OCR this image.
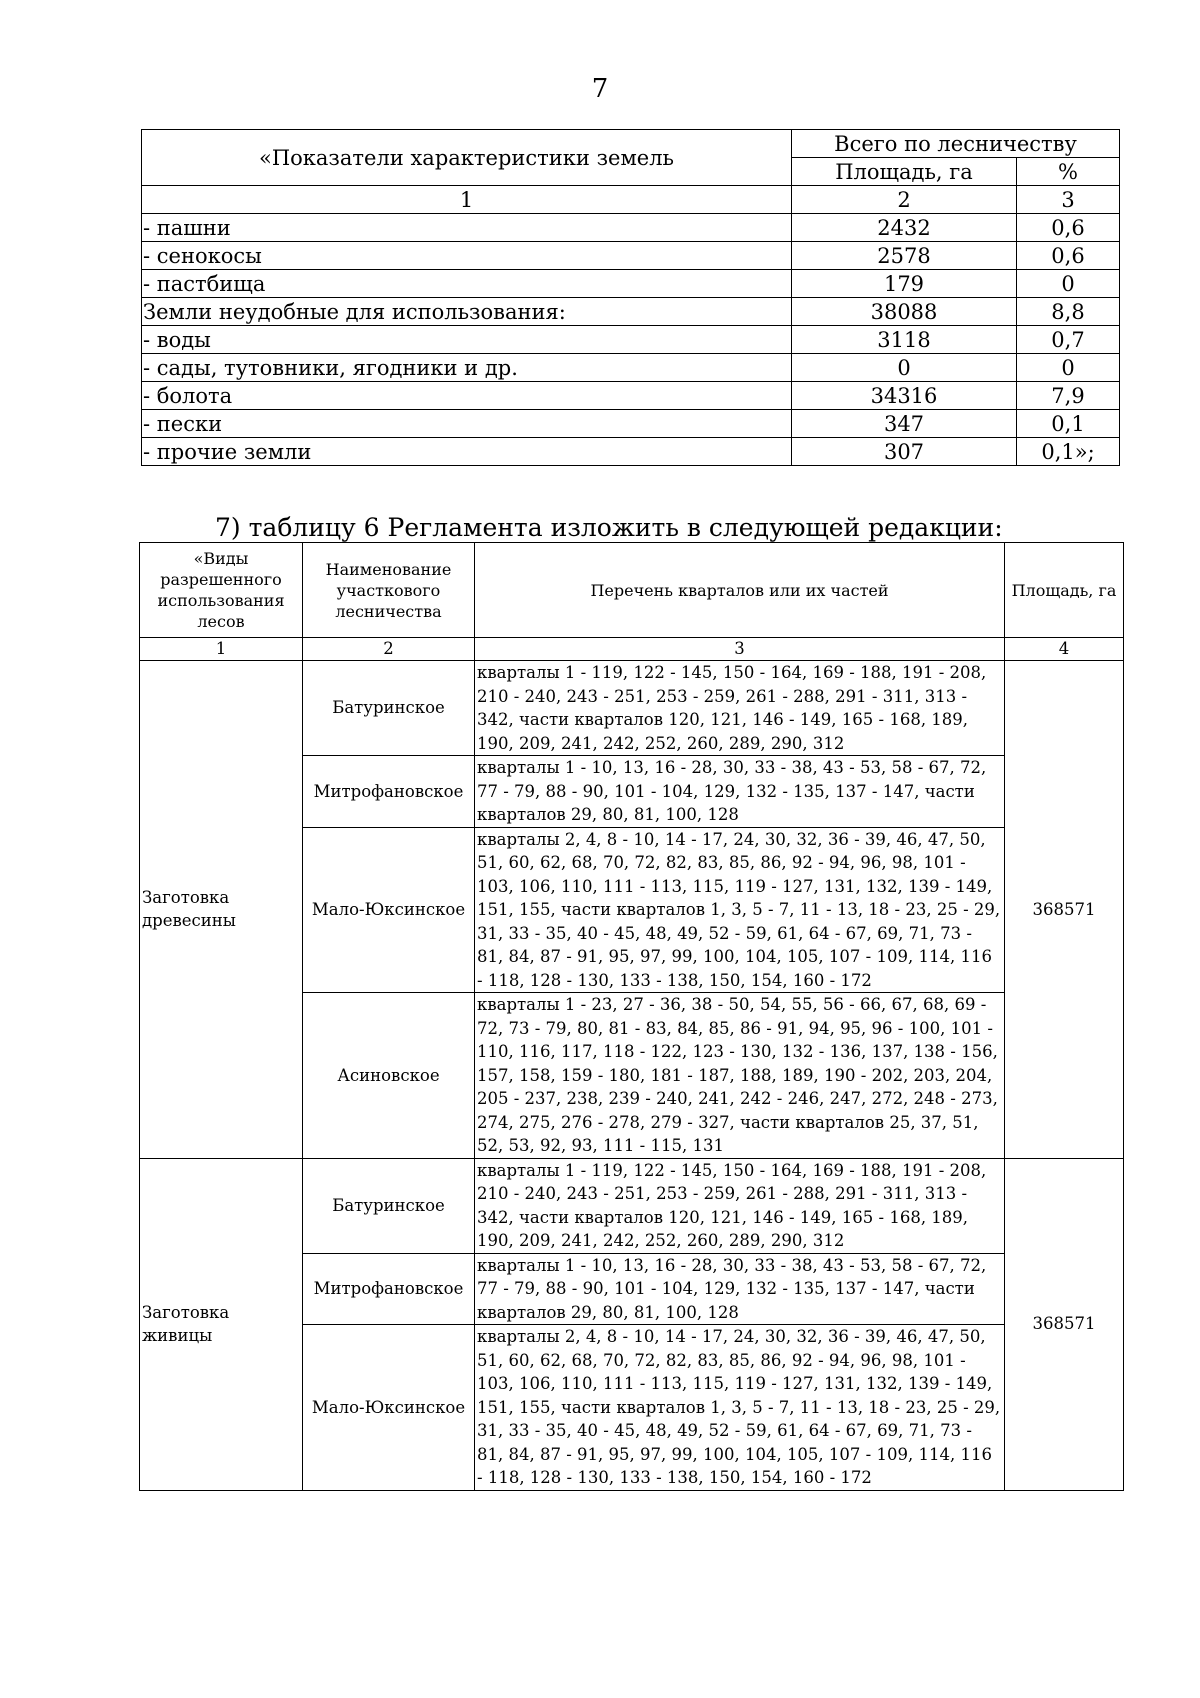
7
«Показатели характеристики земель	Всего по лесничеству	
	Площадь, га	%
1	2	3
- пашни	2432	0,6
- сенокосы	2578	0,6
- пастбища	179	0
Земли неудобные для использования:	38088	8,8
- воды	3118	0,7
- сады, тутовники, ягодники и др.	0	0
- болота	34316	7,9
- пески	347	0,1
- прочие земли	307	0,1»;
7) таблицу 6 Регламента изложить в следующей редакции:
«Виды разрешенного использования лесов	Наименование участкового лесничества	Перечень кварталов или их частей	Площадь, га
1	2	3	4
Заготовка древесины	Батуринское	кварталы 1 - 119, 122 - 145, 150 - 164, 169 - 188, 191 - 208, 210 - 240, 243 - 251, 253 - 259, 261 - 288, 291 - 311, 313 - 342, части кварталов 120, 121, 146 - 149, 165 - 168, 189, 190, 209, 241, 242, 252, 260, 289, 290, 312	368571
	Митрофановское	кварталы 1 - 10, 13, 16 - 28, 30, 33 - 38, 43 - 53, 58 - 67, 72, 77 - 79, 88 - 90, 101 - 104, 129, 132 - 135, 137 - 147, части кварталов 29, 80, 81, 100, 128	
	Мало-Юксинское	кварталы 2, 4, 8 - 10, 14 - 17, 24, 30, 32, 36 - 39, 46, 47, 50, 51, 60, 62, 68, 70, 72, 82, 83, 85, 86, 92 - 94, 96, 98, 101 - 103, 106, 110, 111 - 113, 115, 119 - 127, 131, 132, 139 - 149, 151, 155, части кварталов 1, 3, 5 - 7, 11 - 13, 18 - 23, 25 - 29, 31, 33 - 35, 40 - 45, 48, 49, 52 - 59, 61, 64 - 67, 69, 71, 73 - 81, 84, 87 - 91, 95, 97, 99, 100, 104, 105, 107 - 109, 114, 116 - 118, 128 - 130, 133 - 138, 150, 154, 160 - 172	
	Асиновское	кварталы 1 - 23, 27 - 36, 38 - 50, 54, 55, 56 - 66, 67, 68, 69 - 72, 73 - 79, 80, 81 - 83, 84, 85, 86 - 91, 94, 95, 96 - 100, 101 - 110, 116, 117, 118 - 122, 123 - 130, 132 - 136, 137, 138 - 156, 157, 158, 159 - 180, 181 - 187, 188, 189, 190 - 202, 203, 204, 205 - 237, 238, 239 - 240, 241, 242 - 246, 247, 272, 248 - 273, 274, 275, 276 - 278, 279 - 327, части кварталов 25, 37, 51, 52, 53, 92, 93, 111 - 115, 131	
Заготовка живицы	Батуринское	кварталы 1 - 119, 122 - 145, 150 - 164, 169 - 188, 191 - 208, 210 - 240, 243 - 251, 253 - 259, 261 - 288, 291 - 311, 313 - 342, части кварталов 120, 121, 146 - 149, 165 - 168, 189, 190, 209, 241, 242, 252, 260, 289, 290, 312	368571
	Митрофановское	кварталы 1 - 10, 13, 16 - 28, 30, 33 - 38, 43 - 53, 58 - 67, 72, 77 - 79, 88 - 90, 101 - 104, 129, 132 - 135, 137 - 147, части кварталов 29, 80, 81, 100, 128	
	Мало-Юксинское	кварталы 2, 4, 8 - 10, 14 - 17, 24, 30, 32, 36 - 39, 46, 47, 50, 51, 60, 62, 68, 70, 72, 82, 83, 85, 86, 92 - 94, 96, 98, 101 - 103, 106, 110, 111 - 113, 115, 119 - 127, 131, 132, 139 - 149, 151, 155, части кварталов 1, 3, 5 - 7, 11 - 13, 18 - 23, 25 - 29, 31, 33 - 35, 40 - 45, 48, 49, 52 - 59, 61, 64 - 67, 69, 71, 73 - 81, 84, 87 - 91, 95, 97, 99, 100, 104, 105, 107 - 109, 114, 116 - 118, 128 - 130, 133 - 138, 150, 154, 160 - 172	
